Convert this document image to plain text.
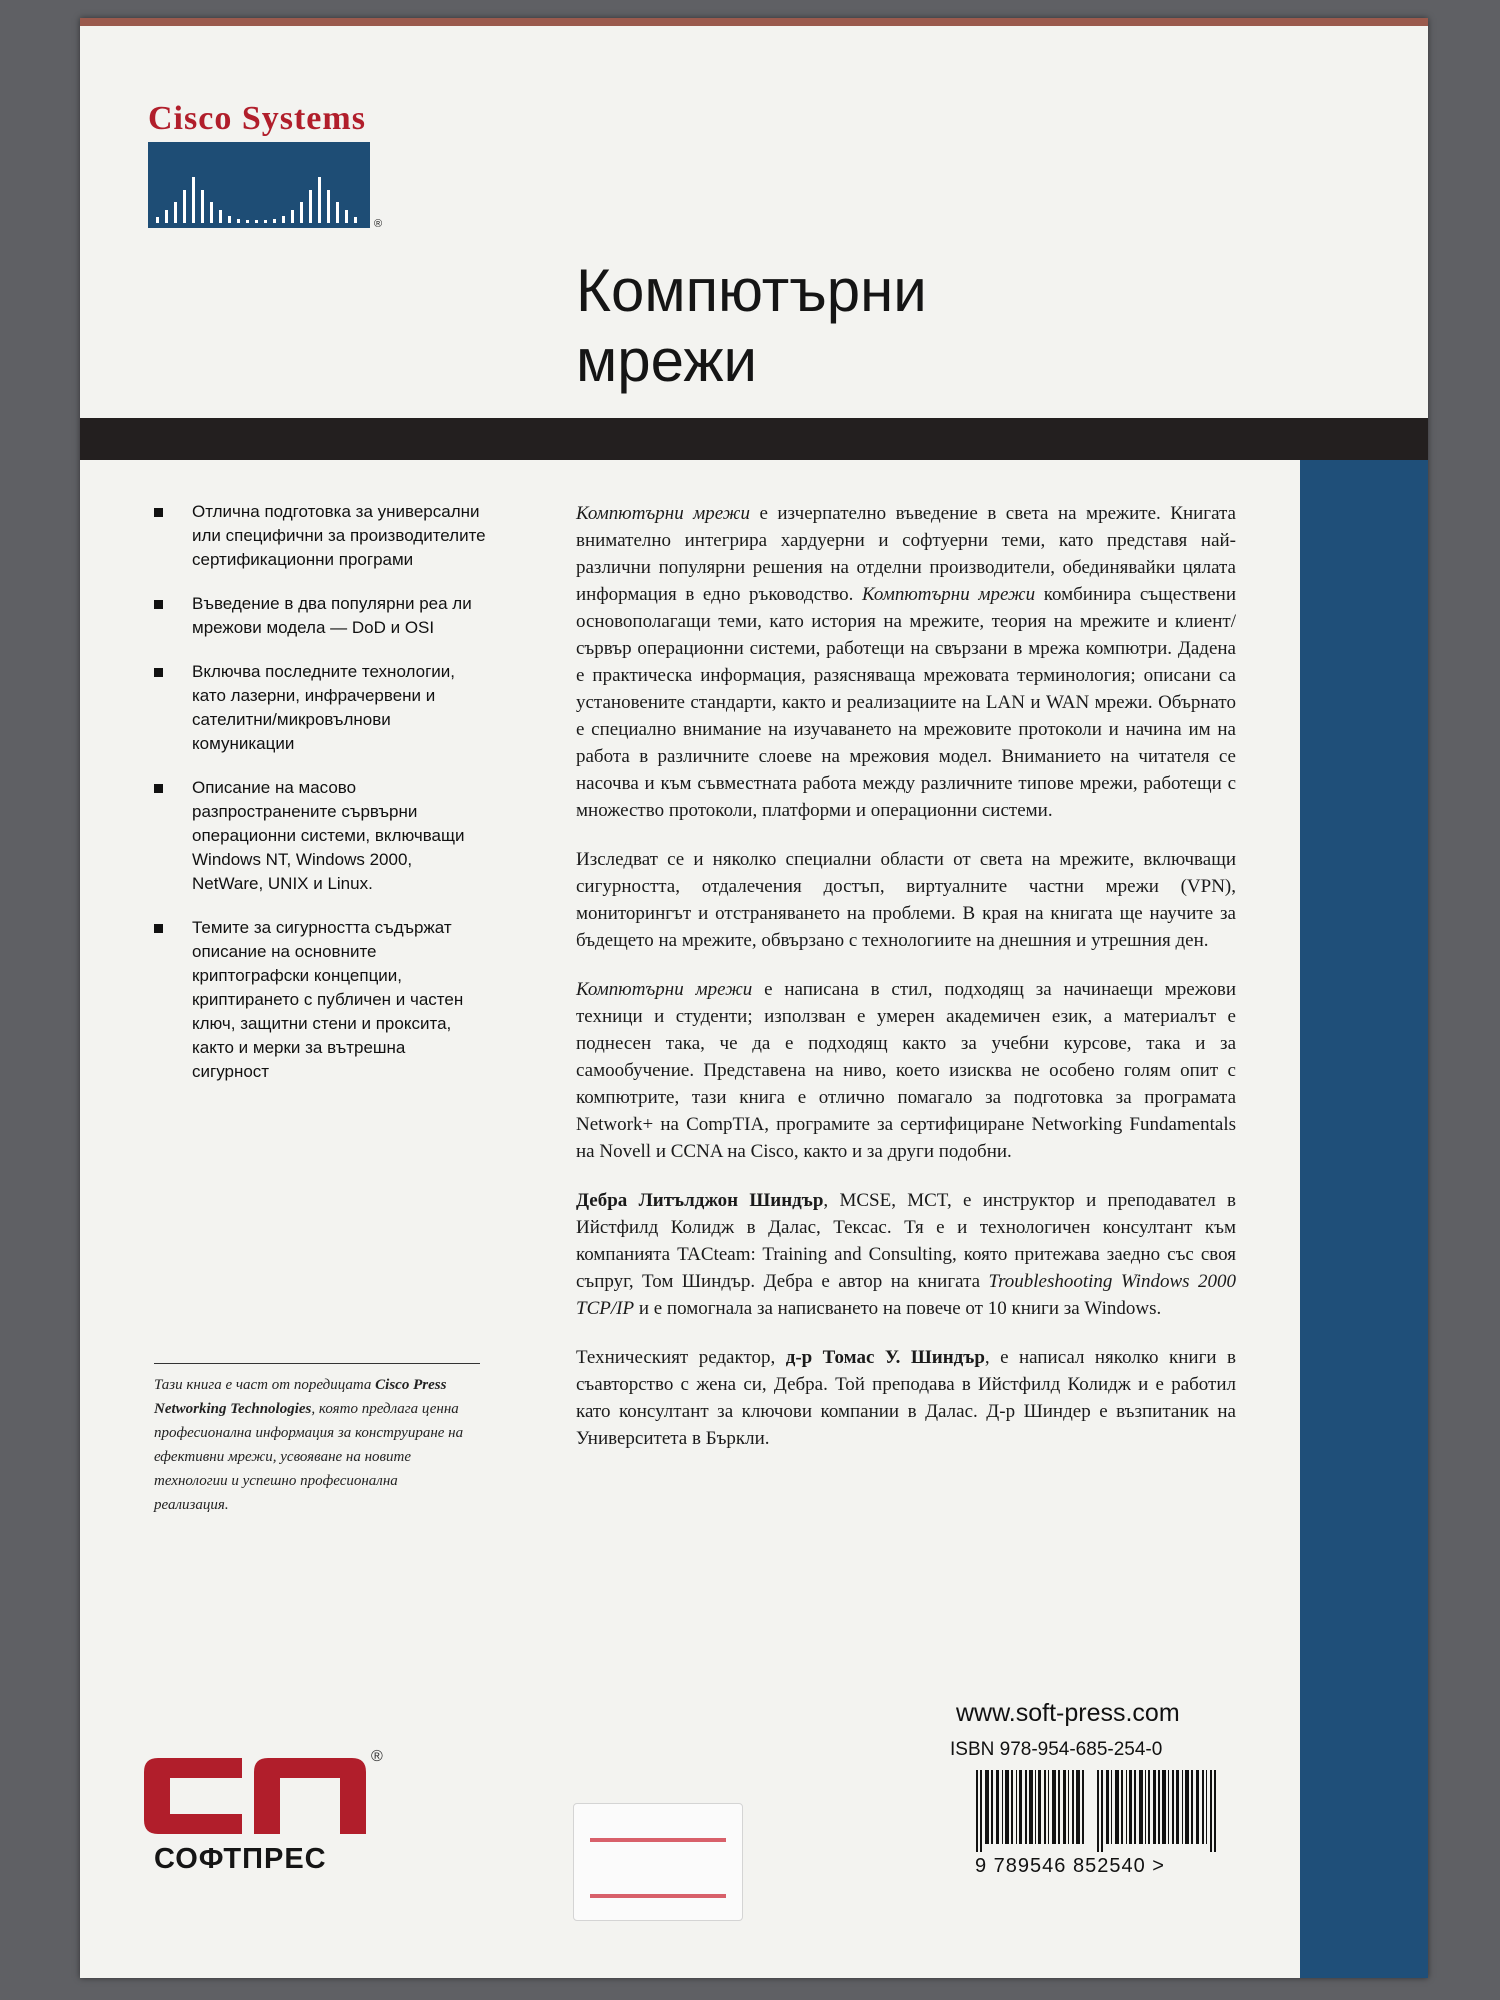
Cisco Systems
®
Компютърни
мрежи
Отлична подготовка за универсални или специфични за производителите сертификационни програми
Въведение в два популярни реа ли мрежови модела — DoD и OSI
Включва последните технологии, като лазерни, инфрачервени и сателитни/микровълнови комуникации
Описание на масово разпространените сървърни операционни системи, включващи Windows NT, Windows 2000, NetWare, UNIX и Linux.
Темите за сигурността съдържат описание на основните криптографски концепции, криптирането с публичен и частен ключ, защитни стени и проксита, както и мерки за вътрешна сигурност
Тази книга е част от поредицата Cisco Press Networking Technologies, която предлага ценна професионална информация за конструиране на ефективни мрежи, усвояване на новите технологии и успешно професионална реализация.

Компютърни мрежи е изчерпателно въведение в света на мрежите. Книгата внимателно интегрира хардуерни и софтуерни теми, като представя най-различни популярни решения на отделни производители, обединявайки цялата информация в едно ръководство. Компютърни мрежи комбинира съществени основополагащи теми, като история на мрежите, теория на мрежите и клиент/сървър операционни системи, работещи на свързани в мрежа компютри. Дадена е практическа информация, разясняваща мрежовата терминология; описани са установените стандарти, както и реализациите на LAN и WAN мрежи. Обърнато е специално внимание на изучаването на мрежовите протоколи и начина им на работа в различните слоеве на мрежовия модел. Вниманието на читателя се насочва и към съвместната работа между различните типове мрежи, работещи с множество протоколи, платформи и операционни системи.

Изследват се и няколко специални области от света на мрежите, включващи сигурността, отдалечения достъп, виртуалните частни мрежи (VPN), мониторингът и отстраняването на проблеми. В края на книгата ще научите за бъдещето на мрежите, обвързано с технологиите на днешния и утрешния ден.

Компютърни мрежи е написана в стил, подходящ за начинаещи мрежови техници и студенти; използван е умерен академичен език, а материалът е поднесен така, че да е подходящ както за учебни курсове, така и за самообучение. Представена на ниво, което изисква не особено голям опит с компютрите, тази книга е отлично помагало за подготовка за програмата Network+ на CompTIA, програмите за сертифициране Networking Fundamentals на Novell и CCNA на Cisco, както и за други подобни.

Дебра Литълджон Шиндър, MCSE, MCT, е инструктор и преподавател в Ийстфилд Колидж в Далас, Тексас. Тя е и технологичен консултант към компанията TACteam: Training and Consulting, която притежава заедно със своя съпруг, Том Шиндър. Дебра е автор на книгата Troubleshooting Windows 2000 TCP/IP и е помогнала за написването на повече от 10 книги за Windows.

Техническият редактор, д-р Томас У. Шиндър, е написал няколко книги в съавторство с жена си, Дебра. Той преподава в Ийстфилд Колидж и е работил като консултант за ключови компании в Далас. Д-р Шиндер е възпитаник на Университета в Бъркли.

www.soft-press.com
ISBN 978-954-685-254-0
9 789546 852540 >
®
СОФТПРЕС
